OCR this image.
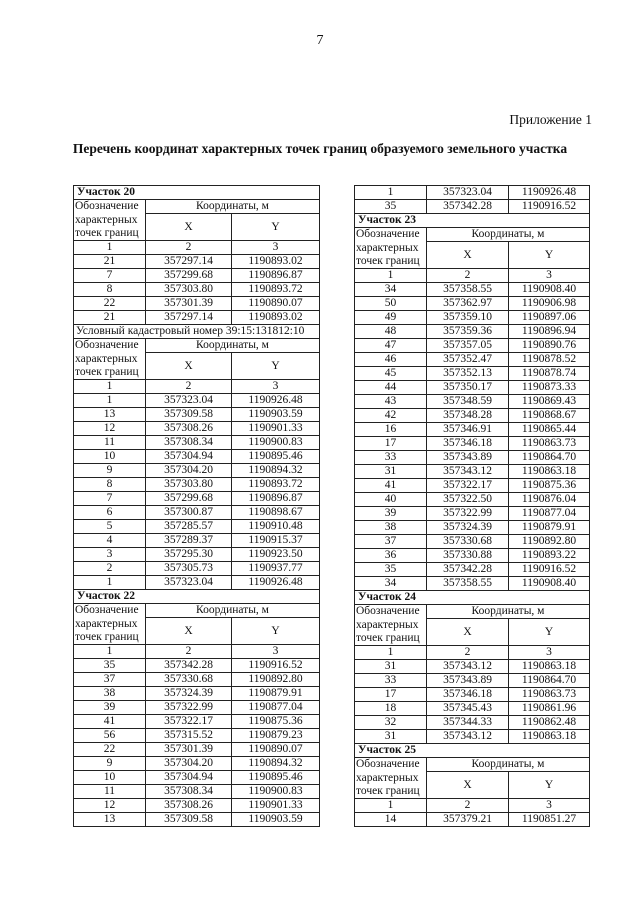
7
Приложение 1
Перечень координат характерных точек границ образуемого земельного участка
Участок 20		
Обозначение	Координаты, м	

характерных
точек границ	X	Y
1	2	3
21	357297.14	1190893.02
7	357299.68	1190896.87
8	357303.80	1190893.72
22	357301.39	1190890.07
21	357297.14	1190893.02
Условный кадастровый номер 39:15:131812:10		
Обозначение	Координаты, м	

характерных
точек границ	X	Y
1	2	3
1	357323.04	1190926.48
13	357309.58	1190903.59
12	357308.26	1190901.33
11	357308.34	1190900.83
10	357304.94	1190895.46
9	357304.20	1190894.32
8	357303.80	1190893.72
7	357299.68	1190896.87
6	357300.87	1190898.67
5	357285.57	1190910.48
4	357289.37	1190915.37
3	357295.30	1190923.50
2	357305.73	1190937.77
1	357323.04	1190926.48
Участок 22		
Обозначение	Координаты, м	

характерных
точек границ	X	Y
1	2	3
35	357342.28	1190916.52
37	357330.68	1190892.80
38	357324.39	1190879.91
39	357322.99	1190877.04
41	357322.17	1190875.36
56	357315.52	1190879.23
22	357301.39	1190890.07
9	357304.20	1190894.32
10	357304.94	1190895.46
11	357308.34	1190900.83
12	357308.26	1190901.33
13	357309.58	1190903.59
1	357323.04	1190926.48
35	357342.28	1190916.52
Участок 23		
Обозначение	Координаты, м	

характерных
точек границ	X	Y
1	2	3
34	357358.55	1190908.40
50	357362.97	1190906.98
49	357359.10	1190897.06
48	357359.36	1190896.94
47	357357.05	1190890.76
46	357352.47	1190878.52
45	357352.13	1190878.74
44	357350.17	1190873.33
43	357348.59	1190869.43
42	357348.28	1190868.67
16	357346.91	1190865.44
17	357346.18	1190863.73
33	357343.89	1190864.70
31	357343.12	1190863.18
41	357322.17	1190875.36
40	357322.50	1190876.04
39	357322.99	1190877.04
38	357324.39	1190879.91
37	357330.68	1190892.80
36	357330.88	1190893.22
35	357342.28	1190916.52
34	357358.55	1190908.40
Участок 24		
Обозначение	Координаты, м	

характерных
точек границ	X	Y
1	2	3
31	357343.12	1190863.18
33	357343.89	1190864.70
17	357346.18	1190863.73
18	357345.43	1190861.96
32	357344.33	1190862.48
31	357343.12	1190863.18
Участок 25		
Обозначение	Координаты, м	

характерных
точек границ	X	Y
1	2	3
14	357379.21	1190851.27
